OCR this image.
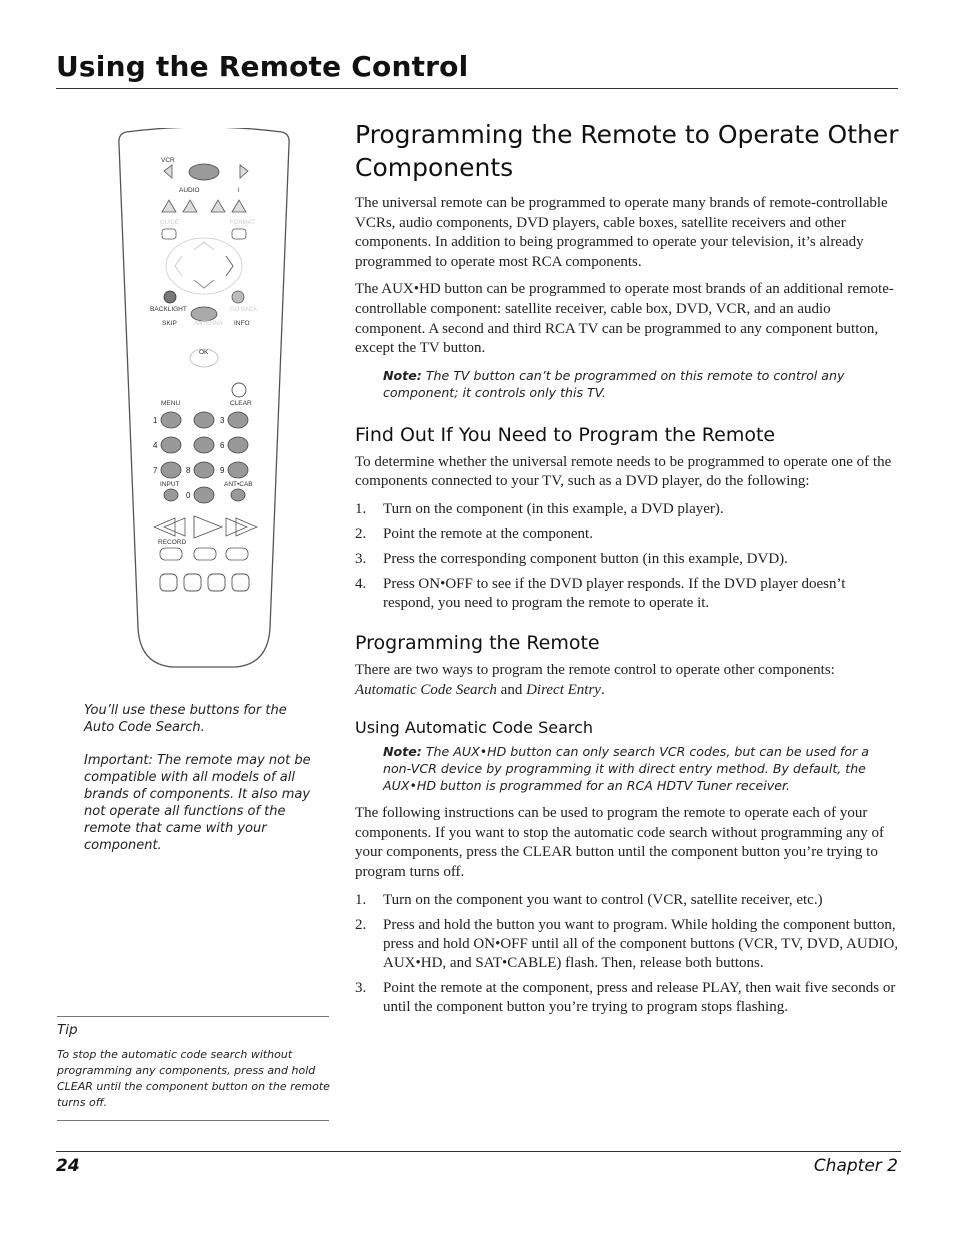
Using the Remote Control
VCR
AUDIO	l
GUIDE	FORMAT
BACKLIGHT	GO BACK
SKIP	INFO
ANTENNA
OK
MENU	CLEAR
1	3
4	6
7	8	9
0
INPUT	ANT•CAB
RECORD

You’ll use these buttons for the Auto Code Search.

Important: The remote may not be compatible with all models of all brands of components. It also may not operate all functions of the remote that came with your component.

Tip

To stop the automatic code search without programming any components, press and hold CLEAR until the component button on the remote turns off.

Programming the Remote to Operate Other Components

The universal remote can be programmed to operate many brands of remote-controllable VCRs, audio components, DVD players, cable boxes, satellite receivers and other components. In addition to being programmed to operate your television, it’s already programmed to operate most RCA components.

The AUX•HD button can be programmed to operate most brands of an additional remote-controllable component: satellite receiver, cable box, DVD, VCR, and an audio component. A second and third RCA TV can be programmed to any component button, except the TV button.

Note: The TV button can’t be programmed on this remote to control any component; it controls only this TV.

Find Out If You Need to Program the Remote

To determine whether the universal remote needs to be programmed to operate one of the components connected to your TV, such as a DVD player, do the following:

1. Turn on the component (in this example, a DVD player).
2. Point the remote at the component.
3. Press the corresponding component button (in this example, DVD).
4. Press ON•OFF to see if the DVD player responds. If the DVD player doesn’t respond, you need to program the remote to operate it.
Programming the Remote

There are two ways to program the remote control to operate other components: Automatic Code Search and Direct Entry.

Using Automatic Code Search

Note: The AUX•HD button can only search VCR codes, but can be used for a non-VCR device by programming it with direct entry method. By default, the AUX•HD button is programmed for an RCA HDTV Tuner receiver.

The following instructions can be used to program the remote to operate each of your components. If you want to stop the automatic code search without programming any of your components, press the CLEAR button until the component button you’re trying to program turns off.

1. Turn on the component you want to control (VCR, satellite receiver, etc.)
2. Press and hold the button you want to program. While holding the component button, press and hold ON•OFF until all of the component buttons (VCR, TV, DVD, AUDIO, AUX•HD, and SAT•CABLE) flash. Then, release both buttons.
3. Point the remote at the component, press and release PLAY, then wait five seconds or until the component button you’re trying to program stops flashing.

24	Chapter 2
